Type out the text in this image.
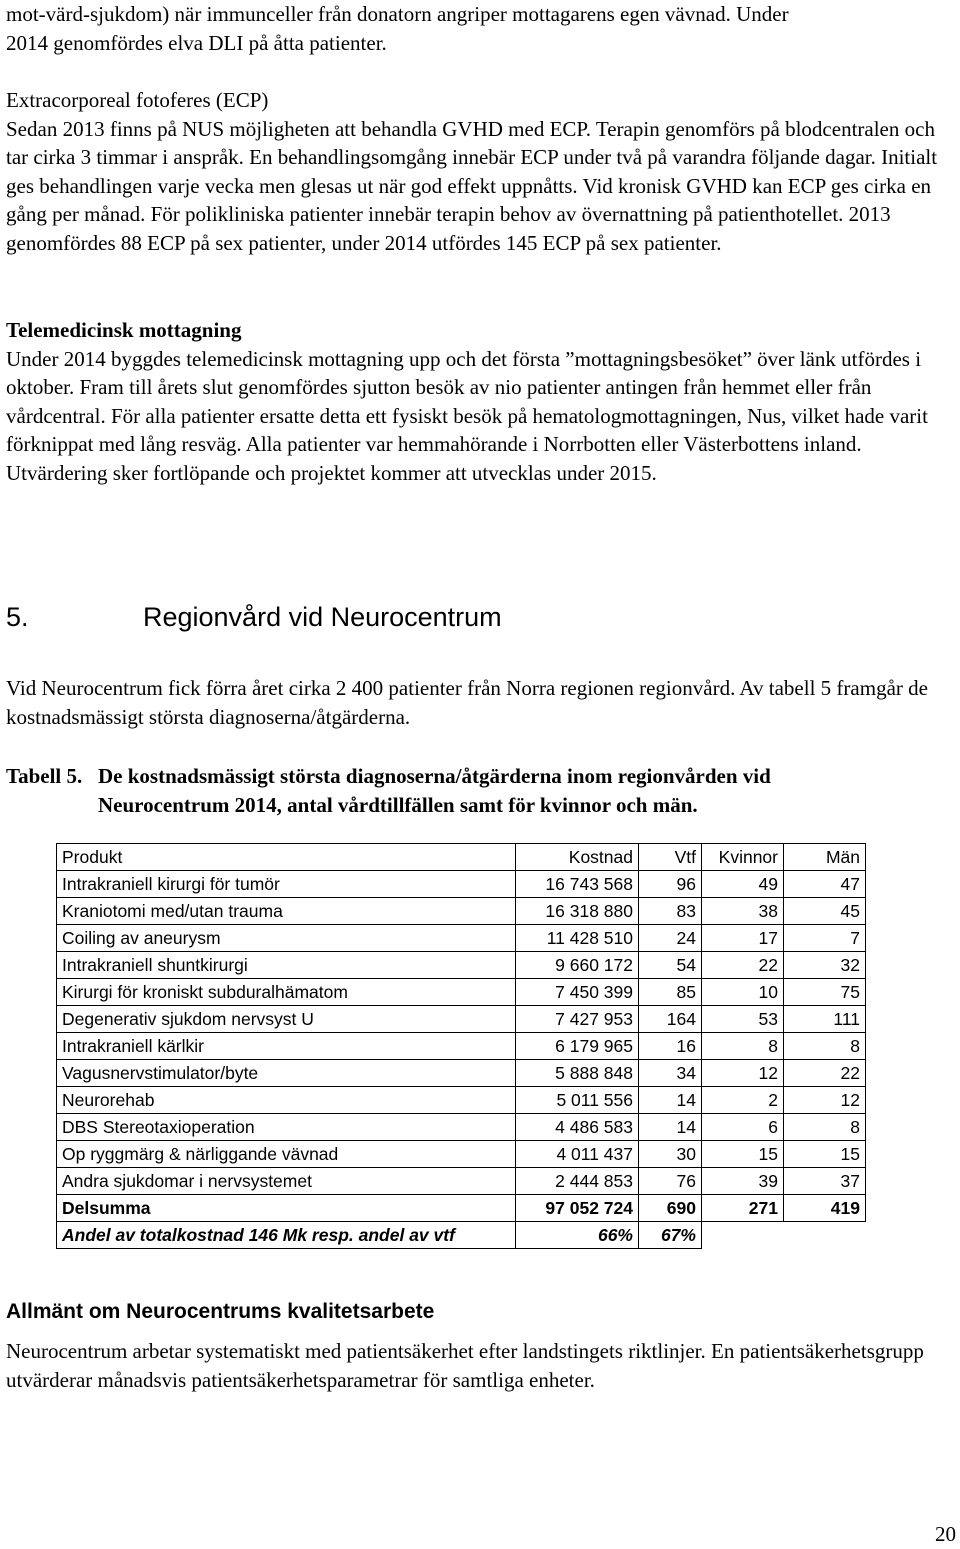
mot-värd-sjukdom) när immunceller från donatorn angriper mottagarens egen vävnad. Under
2014 genomfördes elva DLI på åtta patienter.
Extracorporeal fotoferes (ECP)

Sedan 2013 finns på NUS möjligheten att behandla GVHD med ECP. Terapin genomförs på blodcentralen och tar cirka 3 timmar i anspråk. En behandlingsomgång innebär ECP under två på varandra följande dagar. Initialt ges behandlingen varje vecka men glesas ut när god effekt uppnåtts. Vid kronisk GVHD kan ECP ges cirka en gång per månad. För polikliniska patienter innebär terapin behov av övernattning på patienthotellet. 2013 genomfördes 88 ECP på sex patienter, under 2014 utfördes 145 ECP på sex patienter.

Telemedicinsk mottagning

Under 2014 byggdes telemedicinsk mottagning upp och det första ”mottagningsbesöket” över länk utfördes i oktober. Fram till årets slut genomfördes sjutton besök av nio patienter antingen från hemmet eller från vårdcentral. För alla patienter ersatte detta ett fysiskt besök på hematologmottagningen, Nus, vilket hade varit förknippat med lång resväg. Alla patienter var hemmahörande i Norrbotten eller Västerbottens inland. Utvärdering sker fortlöpande och projektet kommer att utvecklas under 2015.

5.	Regionvård vid Neurocentrum

Vid Neurocentrum fick förra året cirka 2 400 patienter från Norra regionen regionvård. Av tabell 5 framgår de kostnadsmässigt största diagnoserna/åtgärderna.

Tabell 5. De kostnadsmässigt största diagnoserna/åtgärderna inom regionvården vid
Neurocentrum 2014, antal vårdtillfällen samt för kvinnor och män.
Produkt	Kostnad	Vtf	Kvinnor	Män
Intrakraniell kirurgi för tumör	16 743 568	96	49	47
Kraniotomi med/utan trauma	16 318 880	83	38	45
Coiling av aneurysm	11 428 510	24	17	7
Intrakraniell shuntkirurgi	9 660 172	54	22	32
Kirurgi för kroniskt subduralhämatom	7 450 399	85	10	75
Degenerativ sjukdom nervsyst U	7 427 953	164	53	111
Intrakraniell kärlkir	6 179 965	16	8	8
Vagusnervstimulator/byte	5 888 848	34	12	22
Neurorehab	5 011 556	14	2	12
DBS Stereotaxioperation	4 486 583	14	6	8
Op ryggmärg & närliggande vävnad	4 011 437	30	15	15
Andra sjukdomar i nervsystemet	2 444 853	76	39	37
Delsumma	97 052 724	690	271	419
Andel av totalkostnad 146 Mk resp. andel av vtf	66%	67%		
Allmänt om Neurocentrums kvalitetsarbete

Neurocentrum arbetar systematiskt med patientsäkerhet efter landstingets riktlinjer. En patientsäkerhetsgrupp utvärderar månadsvis patientsäkerhetsparametrar för samtliga enheter.

20
